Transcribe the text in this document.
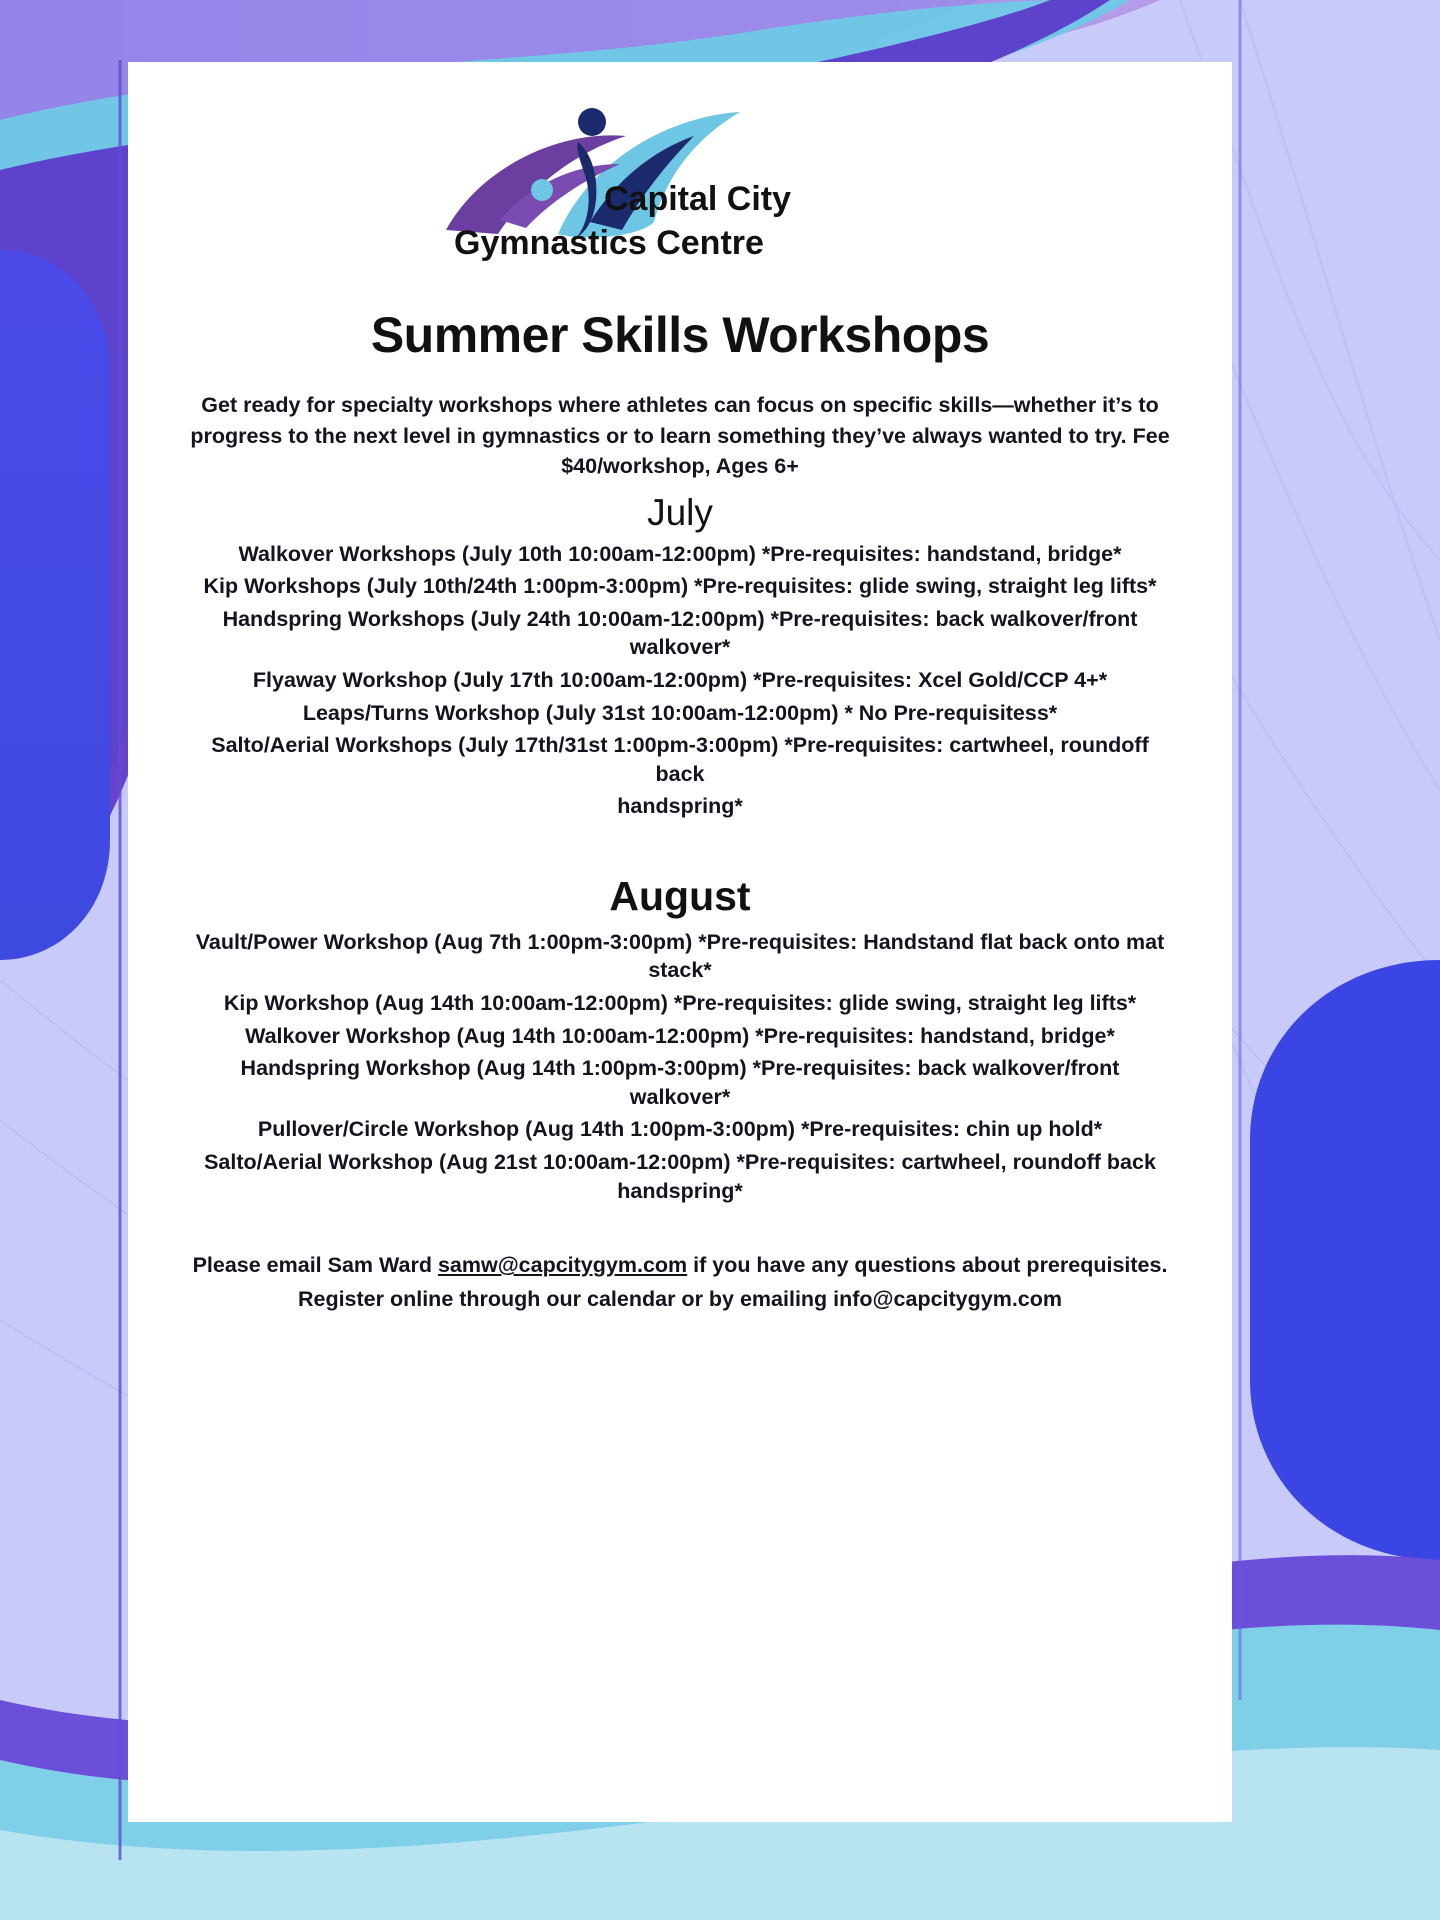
Capital City
Gymnastics Centre
Summer Skills Workshops

Get ready for specialty workshops where athletes can focus on specific skills—whether it’s to progress to the next level in gymnastics or to learn something they’ve always wanted to try. Fee $40/workshop, Ages 6+

July

Walkover Workshops (July 10th 10:00am-12:00pm) *Pre-requisites: handstand, bridge*

Kip Workshops (July 10th/24th 1:00pm-3:00pm) *Pre-requisites: glide swing, straight leg lifts*

Handspring Workshops (July 24th 10:00am-12:00pm) *Pre-requisites: back walkover/front walkover*

Flyaway Workshop (July 17th 10:00am-12:00pm) *Pre-requisites: Xcel Gold/CCP 4+*

Leaps/Turns Workshop (July 31st 10:00am-12:00pm) * No Pre-requisitess*

Salto/Aerial Workshops (July 17th/31st 1:00pm-3:00pm) *Pre-requisites: cartwheel, roundoff back

handspring*

August

Vault/Power Workshop (Aug 7th 1:00pm-3:00pm) *Pre-requisites: Handstand flat back onto mat stack*

Kip Workshop (Aug 14th 10:00am-12:00pm) *Pre-requisites: glide swing, straight leg lifts*

Walkover Workshop (Aug 14th 10:00am-12:00pm) *Pre-requisites: handstand, bridge*

Handspring Workshop (Aug 14th 1:00pm-3:00pm) *Pre-requisites: back walkover/front walkover*

Pullover/Circle Workshop (Aug 14th 1:00pm-3:00pm) *Pre-requisites: chin up hold*

Salto/Aerial Workshop (Aug 21st 10:00am-12:00pm) *Pre-requisites: cartwheel, roundoff back handspring*

Please email Sam Ward samw@capcitygym.com if you have any questions about prerequisites.

Register online through our calendar or by emailing info@capcitygym.com
